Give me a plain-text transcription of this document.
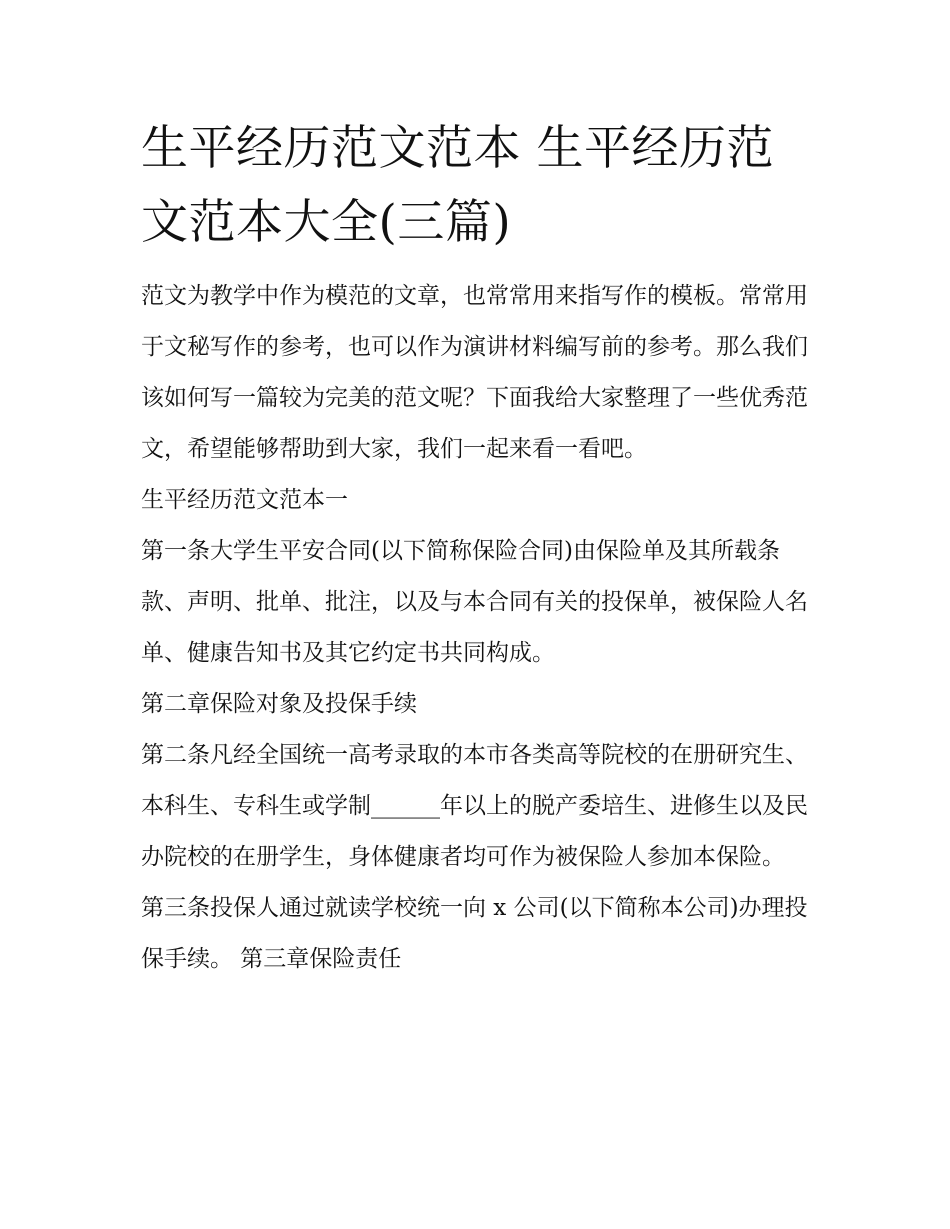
生平经历范文范本 生平经历范文范本大全(三篇)

范文为教学中作为模范的文章，也常常用来指写作的模板。常常用于文秘写作的参考，也可以作为演讲材料编写前的参考。那么我们该如何写一篇较为完美的范文呢？下面我给大家整理了一些优秀范文，希望能够帮助到大家，我们一起来看一看吧。

生平经历范文范本一

第一条大学生平安合同(以下简称保险合同)由保险单及其所载条款、声明、批单、批注，以及与本合同有关的投保单，被保险人名单、健康告知书及其它约定书共同构成。

第二章保险对象及投保手续

第二条凡经全国统一高考录取的本市各类高等院校的在册研究生、本科生、专科生或学制______年以上的脱产委培生、进修生以及民办院校的在册学生，身体健康者均可作为被保险人参加本保险。

第三条投保人通过就读学校统一向 x 公司(以下简称本公司)办理投保手续。 第三章保险责任
